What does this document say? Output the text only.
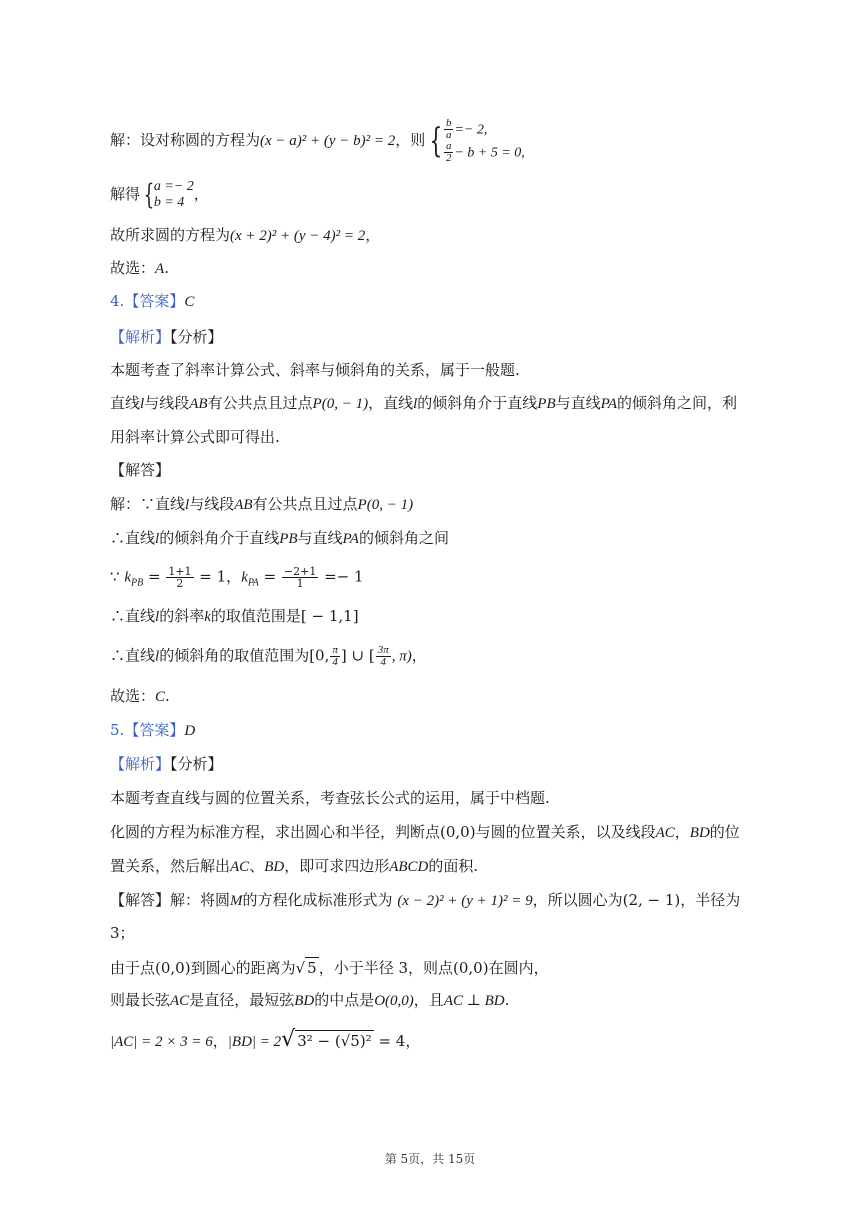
解：设对称圆的方程为(x − a)² + (y − b)² = 2，则 { $\frac{b}{a} =- 2$,
$\frac{a}{2} - b + 5 = 0$,
解得 { a =− 2
b = 4 ，
故所求圆的方程为(x + 2)² + (y − 4)² = 2，
故选：A.
4.【答案】C
【解析】【分析】
本题考查了斜率计算公式、斜率与倾斜角的关系，属于一般题.
直线l与线段AB有公共点且过点P(0, − 1)，直线l的倾斜角介于直线PB与直线PA的倾斜角之间，利
用斜率计算公式即可得出.
【解答】
解：∵直线l与线段AB有公共点且过点P(0, − 1)
∴直线l的倾斜角介于直线PB与直线PA的倾斜角之间
∵ $k_{PB} = \frac{1+1}{2} = 1$，$k_{PA} = \frac{-2+1}{1} =- 1$
∴直线l的斜率k的取值范围是[ − 1,1]
∴直线l的倾斜角的取值范围为[0, $\frac{\pi}{4}$ ] ∪ [ $\frac{3\pi}{4}$ , π)，
故选：C.
5.【答案】D
【解析】【分析】
本题考查直线与圆的位置关系，考查弦长公式的运用，属于中档题.
化圆的方程为标准方程，求出圆心和半径，判断点(0,0)与圆的位置关系，以及线段AC，BD的位
置关系，然后解出AC、BD，即可求四边形ABCD的面积.
【解答】解：将圆M的方程化成标准形式为 (x − 2)² + (y + 1)² = 9，所以圆心为(2, − 1)，半径为
3；
由于点(0,0)到圆心的距离为√ 5 ，小于半径 3，则点(0,0)在圆内，
则最长弦AC是直径，最短弦BD的中点是O(0,0)，且AC ⊥ BD.
|AC| = 2 × 3 = 6，|BD| = 2√ 3² − (√5)² = 4，
第 5页，共 15页
